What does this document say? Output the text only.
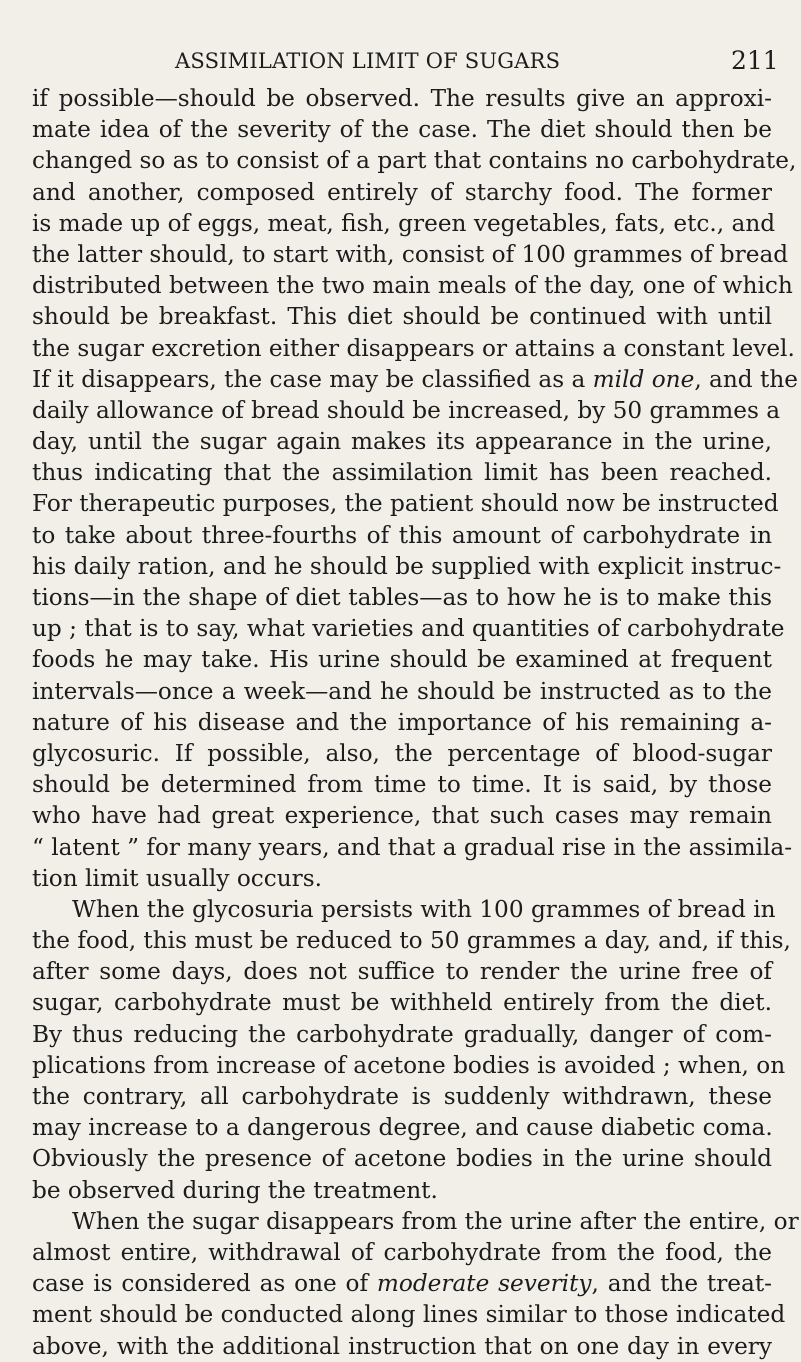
ASSIMILATION LIMIT OF SUGARS	211
if possible—should be observed. The results give an approxi-
mate idea of the severity of the case. The diet should then be
changed so as to consist of a part that contains no carbohydrate,
and another, composed entirely of starchy food. The former
is made up of eggs, meat, fish, green vegetables, fats, etc., and
the latter should, to start with, consist of 100 grammes of bread
distributed between the two main meals of the day, one of which
should be breakfast. This diet should be continued with until
the sugar excretion either disappears or attains a constant level.
If it disappears, the case may be classified as a mild one, and the
daily allowance of bread should be increased, by 50 grammes a
day, until the sugar again makes its appearance in the urine,
thus indicating that the assimilation limit has been reached.
For therapeutic purposes, the patient should now be instructed
to take about three-fourths of this amount of carbohydrate in
his daily ration, and he should be supplied with explicit instruc-
tions—in the shape of diet tables—as to how he is to make this
up ; that is to say, what varieties and quantities of carbohydrate
foods he may take. His urine should be examined at frequent
intervals—once a week—and he should be instructed as to the
nature of his disease and the importance of his remaining a-
glycosuric. If possible, also, the percentage of blood-sugar
should be determined from time to time. It is said, by those
who have had great experience, that such cases may remain
“ latent ” for many years, and that a gradual rise in the assimila-
tion limit usually occurs.
When the glycosuria persists with 100 grammes of bread in
the food, this must be reduced to 50 grammes a day, and, if this,
after some days, does not suffice to render the urine free of
sugar, carbohydrate must be withheld entirely from the diet.
By thus reducing the carbohydrate gradually, danger of com-
plications from increase of acetone bodies is avoided ; when, on
the contrary, all carbohydrate is suddenly withdrawn, these
may increase to a dangerous degree, and cause diabetic coma.
Obviously the presence of acetone bodies in the urine should
be observed during the treatment.
When the sugar disappears from the urine after the entire, or
almost entire, withdrawal of carbohydrate from the food, the
case is considered as one of moderate severity, and the treat-
ment should be conducted along lines similar to those indicated
above, with the additional instruction that on one day in every
